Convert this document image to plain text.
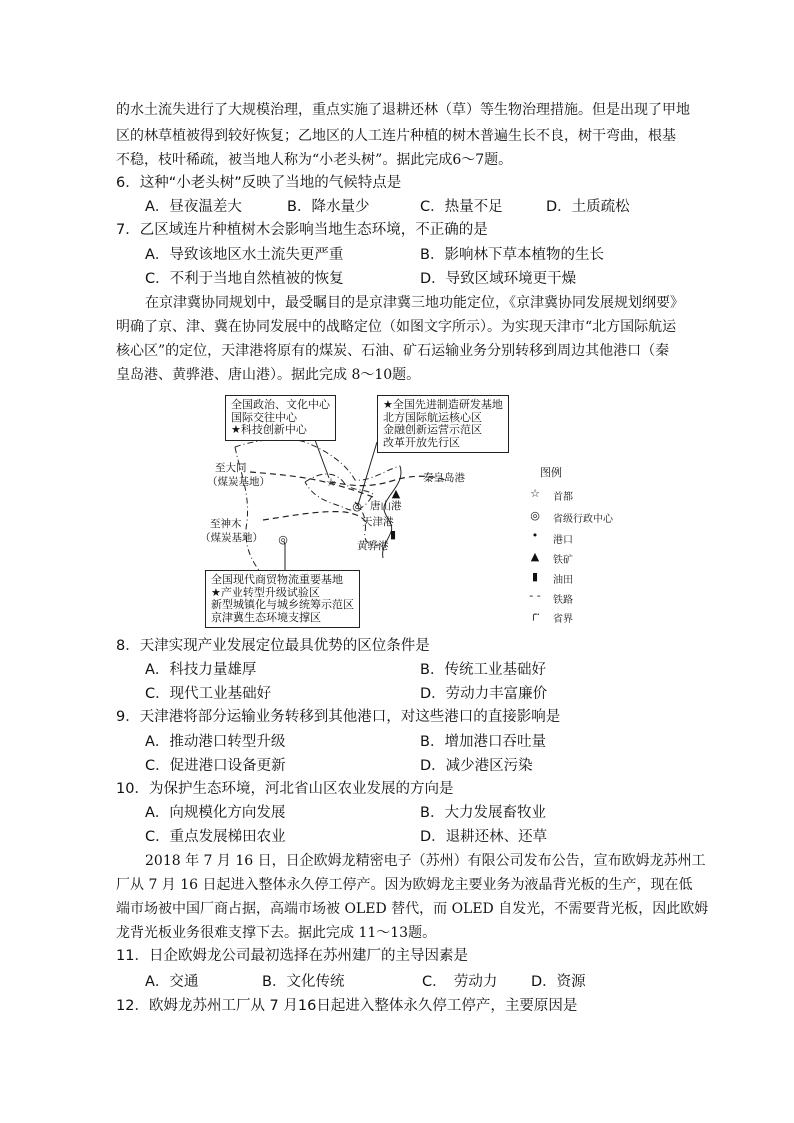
的水土流失进行了大规模治理，重点实施了退耕还林（草）等生物治理措施。但是出现了甲地
区的林草植被得到较好恢复；乙地区的人工连片种植的树木普遍生长不良，树干弯曲，根基
不稳，枝叶稀疏，被当地人称为“小老头树”。据此完成6～7题。
6．这种“小老头树”反映了当地的气候特点是
A．昼夜温差大	B．降水量少	C．热量不足	D．土质疏松
7．乙区域连片种植树木会影响当地生态环境，不正确的是
A．导致该地区水土流失更严重	B．影响林下草本植物的生长
C．不利于当地自然植被的恢复	D．导致区域环境更干燥
在京津冀协同规划中，最受瞩目的是京津冀三地功能定位，《京津冀协同发展规划纲要》
明确了京、津、冀在协同发展中的战略定位（如图文字所示）。为实现天津市“北方国际航运
核心区”的定位，天津港将原有的煤炭、石油、矿石运输业务分别转移到周边其他港口（秦
皇岛港、黄骅港、唐山港）。据此完成 8～10题。
全国政治、文化中心
国际交往中心
★科技创新中心
★全国先进制造研发基地
北方国际航运核心区
金融创新运营示范区
改革开放先行区
全国现代商贸物流重要基地
★产业转型升级试验区
新型城镇化与城乡统筹示范区
京津冀生态环境支撑区
至大同
（煤炭基地）
至神木
（煤炭基地）
秦皇岛港
唐山港
天津港
黄骅港
☆
◎
◎
▲
▮
图例
☆	首都
◎	省级行政中心
•	港口
▲	铁矿
▮	油田
- - 铁路
╭· 省界
8．天津实现产业发展定位最具优势的区位条件是
A．科技力量雄厚	B．传统工业基础好
C．现代工业基础好	D．劳动力丰富廉价
9．天津港将部分运输业务转移到其他港口，对这些港口的直接影响是
A．推动港口转型升级	B．增加港口吞吐量
C．促进港口设备更新	D．减少港区污染
10．为保护生态环境，河北省山区农业发展的方向是
A．向规模化方向发展	B．大力发展畜牧业
C．重点发展梯田农业	D．退耕还林、还草
2018 年 7 月 16 日，日企欧姆龙精密电子（苏州）有限公司发布公告，宣布欧姆龙苏州工
厂从 7 月 16 日起进入整体永久停工停产。因为欧姆龙主要业务为液晶背光板的生产，现在低
端市场被中国厂商占据，高端市场被 OLED 替代，而 OLED 自发光，不需要背光板，因此欧姆
龙背光板业务很难支撑下去。据此完成 11～13题。
11．日企欧姆龙公司最初选择在苏州建厂的主导因素是
A．交通	B．文化传统	C．　劳动力 D．资源
12．欧姆龙苏州工厂从 7 月16日起进入整体永久停工停产，主要原因是
